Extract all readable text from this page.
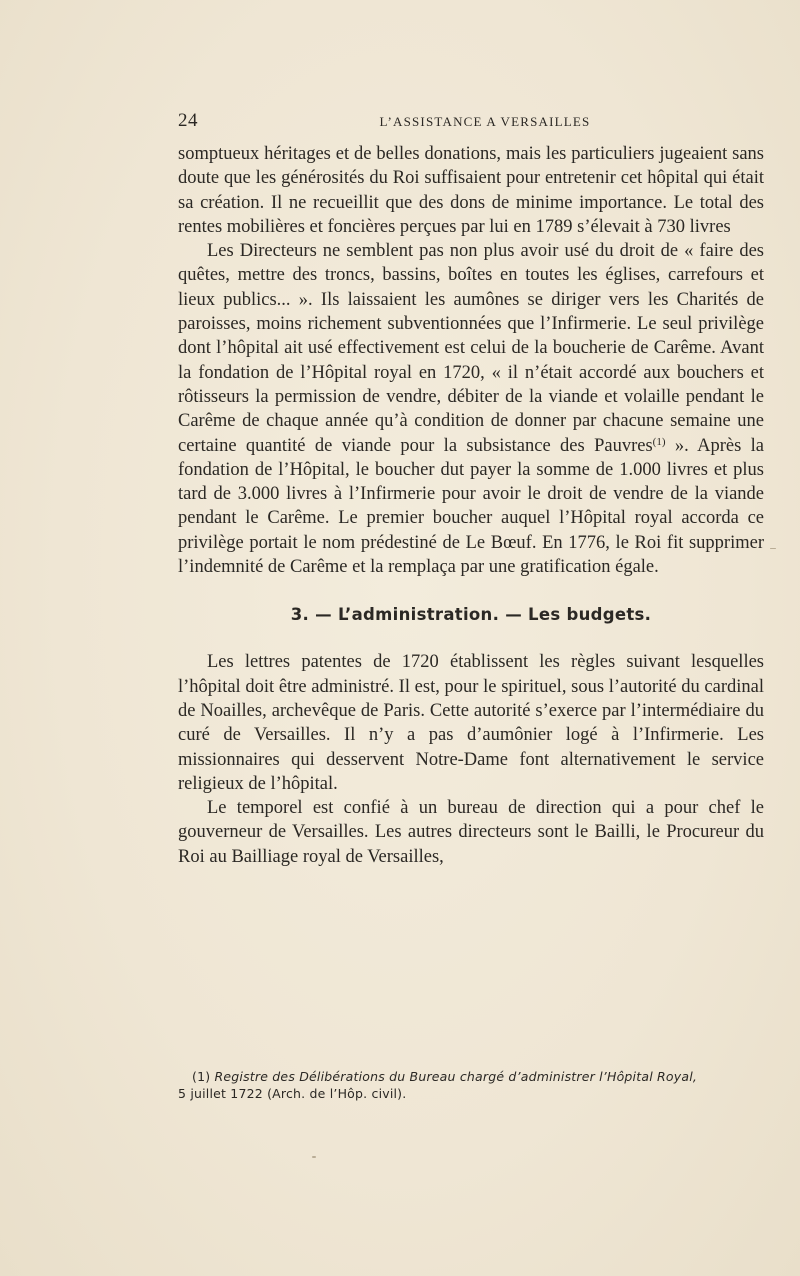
24	L’ASSISTANCE A VERSAILLES

somptueux héritages et de belles donations, mais les particuliers jugeaient sans doute que les générosités du Roi suffisaient pour entretenir cet hôpital qui était sa création. Il ne recueillit que des dons de minime importance. Le total des rentes mobilières et foncières perçues par lui en 1789 s’élevait à 730 livres

Les Directeurs ne semblent pas non plus avoir usé du droit de « faire des quêtes, mettre des troncs, bassins, boîtes en toutes les églises, carrefours et lieux publics... ». Ils laissaient les aumônes se diriger vers les Charités de paroisses, moins richement subventionnées que l’Infirmerie. Le seul privilège dont l’hôpital ait usé effectivement est celui de la boucherie de Carême. Avant la fondation de l’Hôpital royal en 1720, « il n’était accordé aux bouchers et rôtisseurs la permission de vendre, débiter de la viande et volaille pendant le Carême de chaque année qu’à condition de donner par chacune semaine une certaine quantité de viande pour la subsistance des Pauvres$^{(1)}$ ». Après la fondation de l’Hôpital, le boucher dut payer la somme de 1.000 livres et plus tard de 3.000 livres à l’Infirmerie pour avoir le droit de vendre de la viande pendant le Carême. Le premier boucher auquel l’Hôpital royal accorda ce privilège portait le nom prédestiné de Le Bœuf. En 1776, le Roi fit supprimer l’indemnité de Carême et la remplaça par une gratification égale.

3. — L’administration. — Les budgets.

Les lettres patentes de 1720 établissent les règles suivant lesquelles l’hôpital doit être administré. Il est, pour le spirituel, sous l’autorité du cardinal de Noailles, archevêque de Paris. Cette autorité s’exerce par l’intermédiaire du curé de Versailles. Il n’y a pas d’aumônier logé à l’Infirmerie. Les missionnaires qui desservent Notre-Dame font alternativement le service religieux de l’hôpital.

Le temporel est confié à un bureau de direction qui a pour chef le gouverneur de Versailles. Les autres directeurs sont le Bailli, le Procureur du Roi au Bailliage royal de Versailles,

(1) Registre des Délibérations du Bureau chargé d’administrer l’Hôpital Royal,
5 juillet 1722 (Arch. de l’Hôp. civil).
